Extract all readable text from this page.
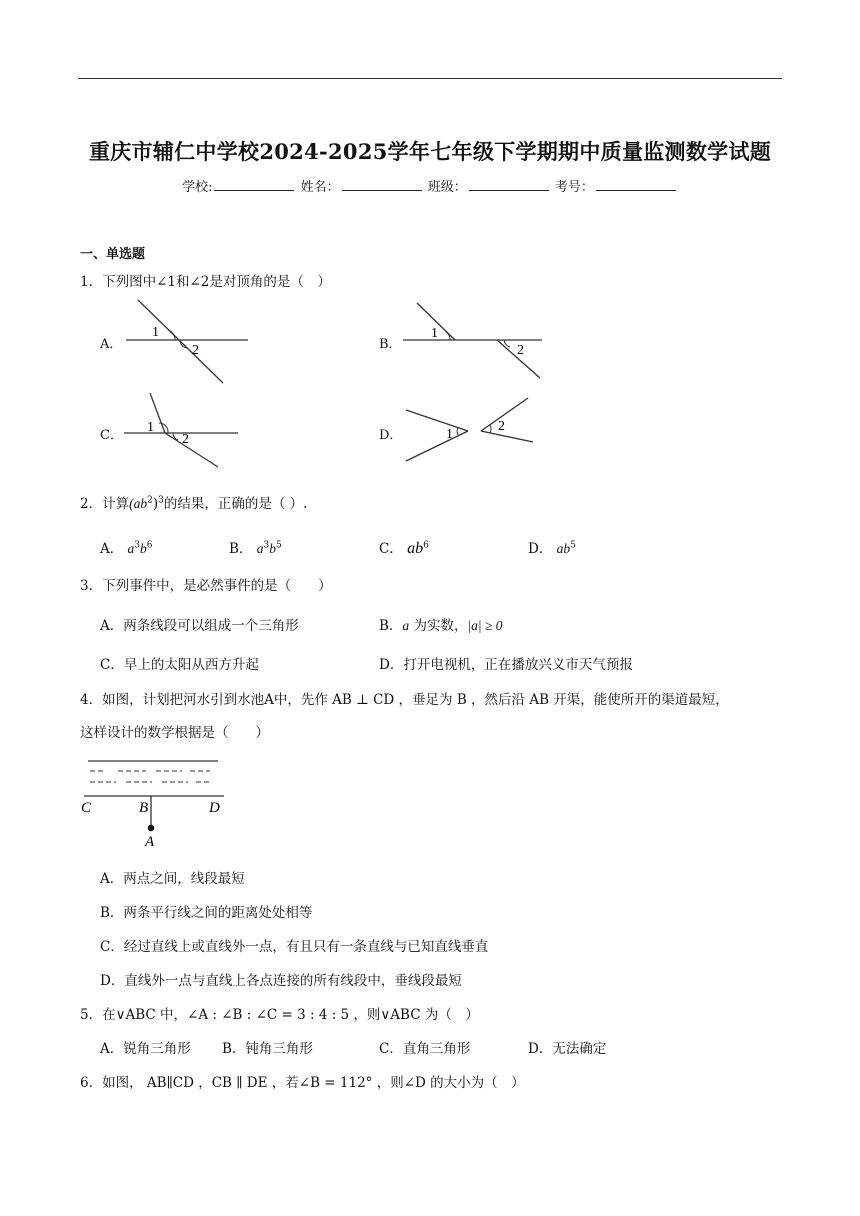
重庆市辅仁中学校2024-2025学年七年级下学期期中质量监测数学试题
学校:	姓名：	班级：	考号：
一、单选题
1．下列图中∠1和∠2是对顶角的是（　）
A．
1
2	B．
1
2
C．
1
2	D．	1
2
2．计算$(ab^2)^3$的结果，正确的是（ ）.
A． $a^3b^6$	B． $a^3b^5$	C． $ab^6$	D． $ab^5$
3．下列事件中，是必然事件的是（　　）
A．两条线段可以组成一个三角形	B．a 为实数，|a| ≥ 0
C．早上的太阳从西方升起	D．打开电视机，正在播放兴义市天气预报
4．如图，计划把河水引到水池A中，先作 AB ⊥ CD ，垂足为 B ，然后沿 AB 开渠，能使所开的渠道最短，
这样设计的数学根据是（　　）
C	B	D
A
A．两点之间，线段最短
B．两条平行线之间的距离处处相等
C．经过直线上或直线外一点，有且只有一条直线与已知直线垂直
D．直线外一点与直线上各点连接的所有线段中，垂线段最短
5．在∨ABC 中，∠A : ∠B : ∠C = 3 : 4 : 5 ，则∨ABC 为（　）
A．锐角三角形 B．钝角三角形	C．直角三角形	D．无法确定
6．如图， AB∥CD ，CB ∥ DE ，若∠B = 112° ，则∠D 的大小为（　）
